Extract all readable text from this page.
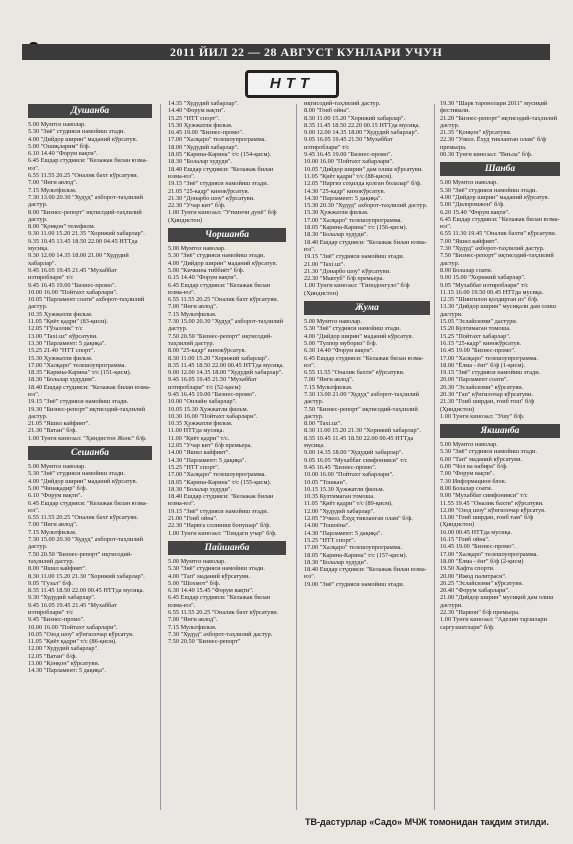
2011 ЙИЛ 22 — 28 АВГУСТ КУНЛАРИ УЧУН
НТТ
Душанба

5.00 Мумтоз наволар.

5.30 "Зиё" студияси намойиш этади.

4.00 "Дийдор ширин" маданий кўрсатув.

5.00 "Ошиқларим" б/ф.

6.10 14.40 "Форум вақти".

6.45 Ешдар студияси: "Келажак билан юзма-юз".

6.55 11.55 20.25 "Оналик бахт кўрсатуви.

7.00 "Янги авлод".

7.15 Мультфильм.

7.30 13.00 20.30 "Худуд" ахборот-таҳлилий дастур.

8.00 "Бизнес-репорт" иқтисодий-таҳлилий дастур.

8.00 "Қонқон" телефилм.

9.30 11.00 15.20 21.35 "Хорижий хабарлар".

9.35 10.45 13.45 18.50 22.00 04.45 НТТда мусиқа.

9.30 12.00 14.35 18.00 21.00 "Худудий хабарлар".

9.45 16.05 19.45 21.45 "Мухаббат изтироблари" т/с

9.45 16.45 19.00 "Бизнес-промо".

10.00 16.00 "Пойтахт хабарлари".

10.05 "Парламент соати" ахборот-таҳлилий дастур.

10.35 Ҳужжатли фильм.

11.05 "Қиёт қадри" (83-қисм).

12.05 "Гўзаллик" т/с

13.00 "Taxi.uz" кўрсатуви.

13.30 "Парламент: 5 дақиқа".

15.25 21.40 "НТТ спорт".

15.30 Ҳужжатли фильм.

17.00 "Халқаро" телешоупрограмма.

18.35 "Карина-Карина" т/с (151-қисм).

18.30 "Болалар худудим".

18.40 Ешдар студияси: "Келажак билан юзма-юз".

19.15 "Зиё" студияси намойиш этади.

19.30 "Бизнес-репорт" иқтисодий-таҳлилий дастур.

21.05 "Яшил кайфият".

21.30 "Ватан" б/ф.

1.00 Тунги киноэал: "Ҳиндистон Жонс" б/ф.

Сешанба

5.00 Мумтоз наволар.

5.30 "Зиё" студияси намойиш этади.

4.00 "Дийдор ширин" маданий кўрсатув.

5.00 "Чинақадир" б/ф.

6.10 "Форум вақти".

6.45 Ешдар студияси: "Келажак билан юзма-юз".

6.55 11.55 20.25 "Оналик бахт кўрсатуви.

7.00 "Янги авлод".

7.15 Мультфильм.

7.30 15.00 20.30 "Худуд" ахборот-таҳлилий дастур.

7.50 20.50 "Бизнес-репорт" иқтисодий-таҳлилий дастур.

8.00 "Яшил кайфият".

8.30 11.00 15.20 21.30 "Хорижий хабарлар".

9.05 "Гузал" б/ф.

8.35 11.45 18.50 22.00 00.45 НТТда мусиқа.

9.30 "Худудий хабарлар".

9.45 16.05 19.45 21.45 "Мухаббат изтироблари" т/с

9.45 "Бизнес-промо".

10.00 16.00 "Пойтахт хабарлари".

10.05 "Озод шоу" кўнгилочар кўрсатув.

11.05 "Қиёт қадри" т/с (86-қисм).

12.00 "Худудий хабарлар".

12.05 "Ватан" б/ф.

13.00 "Қонқон" кўрсатуви.

14.30 "Парламент: 5 дақиқа".

14.35 "Худудий хабарлар".

14.40 "Форум вақти".

15.25 "НТТ спорт".

15.30 Ҳужжатли фильм.

16.45 19.00 "Бизнес-промо".

17.00 "Халқаро" телешоупрограмма.

18.00 "Худудий хабарлар".

18.05 "Карина-Карина" т/с (154-қисм).

18.30 "Болалар худуди".

18.40 Ешдар студияси: "Келажак билан юзма-юз".

19.15 "Зиё" студияси намойиш этади.

21.05 "25-кадр" кинокўрсатув.

21.30 "Донарбо шоу" кўрсатуви.

22.30 "Учар кит" б/ф.

1.00 Тунги киноэал: "Уткинчи дунё" б/ф (Ҳиндистон)

Чоршанба

5.00 Мумтоз наволар.

5.30 "Зиё" студияси намойиш этади.

4.00 "Дийдор ширин" маданий кўрсатув.

5.00 "Кичкина тиббиёт" б/ф.

6.15 14.40 "Форум вақти".

6.45 Ешдар студияси: "Келажак билан юзма-юз".

6.55 11.55 20.25 "Оналик бахт кўрсатуви.

7.00 "Янги авлод".

7.15 Мультфильм.

7.30 15.00 20.30 "Худуд" ахборот-таҳлилий дастур.

7.50 20.50 "Бизнес-репорт" иқтисодий-таҳлилий дастур.

8.00 "25-кадр" кинокўрсатув.

8.30 11.00 15.20 "Хорижий хабарлар".

8.35 11.45 18.50 22.00 00.45 НТТда мусиқа.

9.00 12.00 14.35 18.00 "Худудий хабарлар".

9.45 16.05 19.45 21.50 "Мухаббат изтироблари" т/с (52-қисм)

9.45 16.45 19.00 "Бизнес-промо".

10.00 "Онлайн хабарлар".

10.05 15.30 Ҳужжатли фильм.

10.30 16.00 "Пойтахт хабарлари".

10.35 Ҳужжатли фильм.

11.00 НТТда мусиқа.

11.00 "Қиёт қадри" т/с.

12.05 "Учар кит" б/ф премьера.

14.00 "Яшил кайфият".

14.30 "Парламент: 5 дақиқа".

15.25 "НТТ спорт".

17.00 "Халқаро" телешоупрограмма.

18.05 "Карина-Карина" т/с (155-қисм).

18.30 "Болалар худуди".

18.40 Ешдар студияси: "Келажак билан юзма-юз".

19.15 "Зиё" студияси намойиш этади.

21.00 "Гоиб ойна".

22.30 "Нарвга солиниш бонушар" б/ф.

1.00 Тунги киноэал: "Томдаги учар" б/ф.

Пайшанба

5.00 Мумтоз наволар.

5.30 "Зиё" студияси намойиш этади.

4.00 "Тап" маданий кўрсатуви.

5.00 "Шохмот" б/ф.

6.30 14.40 15.45 "Форум вақти".

6.45 Ешдар студияси: "Келажак билан юзма-юз".

6.55 11.55 20.25 "Оналик бахт кўрсатуви.

7.00 "Янги авлод".

7.15 Мультфильм.

7.30 "Худуд" ахборот-таҳлилий дастур.

7.50 20.50 "Бизнес-репорт"

иқтисодий-таҳлилий дастур.

8.00 "Гоиб ойна".

8.30 11.00 15.20 "Хорижий хабарлар".

8.35 11.45 18.50 22.20 00.15 НТТда мусиқа.

9.00 12.00 14.35 18.00 "Худудий хабарлар".

9.05 16.05 19.45 21.50 "Мухаббат изтироблари" т/с

9.45 16.45 19.00 "Бизнес-промо".

10.00 16.00 "Пойтахт хабарлари".

10.05 "Дийдор ширин" дам олиш кўрсатуви.

11.05 "Қиёт қадри" т/с (88-қисм).

12.05 "Наргиз соҳилда қолган болалар" б/ф.

14.30 "25-кадр" кинокўрсатув.

14.30 "Парламент: 5 дақиқа".

15.30 20.30 "Худуд" ахборот-таҳлилий дастур.

15.30 Ҳужжатли фильм.

17.00 "Халқаро" телешоупрограмма.

18.05 "Карина-Карина" т/с (156-қисм).

18.30 "Болалар худуди".

18.40 Ешдар студияси: "Келажак билан юзма-юз".

19.15 "Зиё" студияси намойиш этади.

21.00 "Taxi.uz".

21.30 "Донарбо шоу" кўрсатуви.

22.30 "Мактуб" б/ф премьера.

1.00 Тунги киноэал: "Гиподонгуло" б/ф (Ҳиндистон)

Жума

5.00 Мумтоз наволар.

5.30 "Зиё" студияси намойиш этади.

4.00 "Дийдор ширин" маданий кўрсатув.

5.00 "Тулпор мубориз" б/ф.

6.30 14.40 "Форум вақти".

6.45 Ешдар студияси: "Келажак билан юзма-юз".

6.55 11.55 "Оналик бахти" кўрсатуви.

7.00 "Янги авлод".

7.15 Мультфильм.

7.30 13.00 21.00 "Худуд" ахборот-таҳлилий дастур.

7.50 "Бизнес-репорт" иқтисодий-таҳлилий дастур.

8.00 "Taxi.uz".

8.30 11.00 15.20 21.30 "Хорижий хабарлар".

8.35 10.45 11.45 18.50 22.00 00.45 НТТда мусиқа.

9.00 14.35 18.00 "Худудий хабарлар".

9.05 16.05 "Мухаббат симфонияси" т/с

9.45 16.45 "Бизнес-промо".

10.00 16.00 "Пойтахт хабарлари".

10.05 "Тошкан".

10.15 15.30 Ҳужжатли фильм.

10.35 Култимаган томоша.

11.05 "Қиёт қадри" т/с (89-қисм).

12.00 "Худудий хабарлар".

12.05 "Учкол. Ёхуд тикланган олам" б/ф.

14.00 "Тошоёна".

14.30 "Парламент: 5 дақиқа".

15.25 "НТТ спорт".

17.00 "Халқаро" телешоупрограмма.

18.05 "Карина-Карина" т/с (157-қисм).

18.30 "Болалар худуди".

18.40 Ешдар студияси: "Келажак билан юзма-юз".

19.00 "Зиё" студияси намойиш этади.

19.30 "Шарк таронолари 2011" мусиқий фестивали.

21.20 "Бизнес-репорт" иқтисодий-таҳлилий дастур.

21.35 "Қонқон" кўрсатуви.

22.30 "Узкол. Ёхуд тикланган олам" б/ф премьера.

00.30 Тунги киноэал: "Виъла" б/ф.

Шанба

5.00 Мумтоз наволар.

5.30 "Зиё" студияси намойиш этади.

4.00 "Дийдор ширин" маданий кўрсатув.

5.00 "Дилоромжон" б/ф.

6.20 15.40 "Форум вақти".

6.45 Ешдар студияси: "Келажак билан юзма-юз".

6.55 11.30 19.45 "Оналик бахти" кўрсатуви.

7.00 "Яшил кайфият".

7.30 "Худуд" ахборот-таҳлилий дастур.

7.50 "Бизнес-репорт" иқтисодий-таҳлилий дастур.

8.00 Болалар соати.

9.00 15.00 "Хорижий хабарлар".

9.05 "Мухаббат изтироблари" т/с

11.15 16.00 19.50 00.45 НТТда мусиқа.

12.35 "Шингилон қолдирган из" б/ф.

13.30 "Дийдор ширин" мусиқали дам олиш дастури.

15.05 "Эслайсизми" дастури.

15.20 Култимаган томоша.

15.25 "Пойтахт хабарлар".

16.15 "25-кадр" кинокўрсатув.

16.45 19.00 "Бизнес-промо".

17.00 "Халқаро" телешоупрограмма.

18.00 "Ёлма - ёнг" б/ф (1-қисм).

19.15 "Зиё" студияси намойиш этади.

20.00 "Парламент соати".

20.30 "Эслайсизми" кўрсатуви.

20.30 "Гап" кўнгилочар кўрсатуви.

21.30 "Гоиб ширдан, ғоиб тош" б/ф (Ҳиндистон)

1.00 Тунги киноэал: "Ушу" б/ф.

Якшанба

5.00 Мумтоз наволар.

5.30 "Зиё" студияси намойиш этади.

6.00 "Тап" маданий кўрсатуви.

6.00 "Чол ва набира" б/ф.

7.00 "Форум вақти".

7.30 Информацион блок.

8.00 Болалар соати.

9.00 "Мухаббат симфонияси" т/с

11.55 19.45 "Оналик бахти" кўрсатуви.

12.00 "Озод шоу" кўнгилочар кўрсатув.

13.00 "Гоиб ширдан, ғоиб там" б/ф (Ҳиндистон)

16.00 00.45 НТТда мусиқа.

16.15 "Гоиб ойна".

16.45 19.00 "Бизнес-промо".

17.00 "Халқаро" телешоупрограмма.

18.00 "Ёлма - ёнг" б/ф (2-қисм)

19.50 Хафта спорти.

20.00 "Ижод палитраси".

20.25 "Эслайсизми" кўрсатуви.

20.40 "Форум хабарлари".

21.00 "Дийдор ширин" мусиқий дам олиш дастури.

22.30 "Нарвон" б/ф премьера.

1.00 Тунги киноэал: "Аделин тарзилари саргузаштлари" б/ф.

ТВ-дастурлар «Садо» МЧЖ томонидан тақдим этилди.
